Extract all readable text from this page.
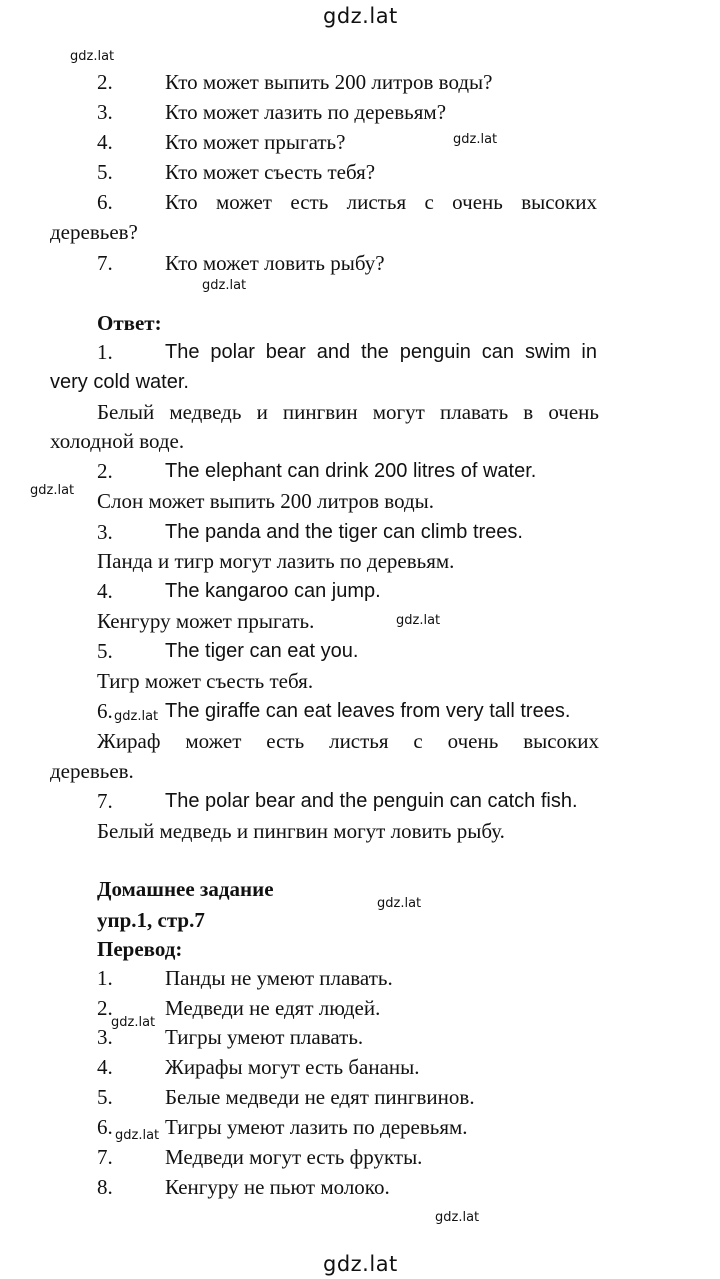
gdz.lat
gdz.lat
gdz.lat
gdz.lat
gdz.lat
gdz.lat
gdz.lat
gdz.lat
gdz.lat
gdz.lat
gdz.lat
gdz.lat
2. Кто может выпить 200 литров воды?
3. Кто может лазить по деревьям?
4. Кто может прыгать?
5. Кто может съесть тебя?
6. Кто может есть листья с очень высоких
деревьев?
7. Кто может ловить рыбу?
Ответ:
1.	The polar bear and the penguin can swim in
very cold water.
Белый медведь и пингвин могут плавать в очень
холодной воде.
2.	The elephant can drink 200 litres of water.
Слон может выпить 200 литров воды.
3.	The panda and the tiger can climb trees.
Панда и тигр могут лазить по деревьям.
4.	The kangaroo can jump.
Кенгуру может прыгать.
5.	The tiger can eat you.
Тигр может съесть тебя.
6.	The giraffe can eat leaves from very tall trees.
Жираф может есть листья с очень высоких
деревьев.
7.	The polar bear and the penguin can catch fish.
Белый медведь и пингвин могут ловить рыбу.
Домашнее задание
упр.1, стр.7
Перевод:
1. Панды не умеют плавать.
2. Медведи не едят людей.
3. Тигры умеют плавать.
4. Жирафы могут есть бананы.
5. Белые медведи не едят пингвинов.
6. Тигры умеют лазить по деревьям.
7. Медведи могут есть фрукты.
8. Кенгуру не пьют молоко.
